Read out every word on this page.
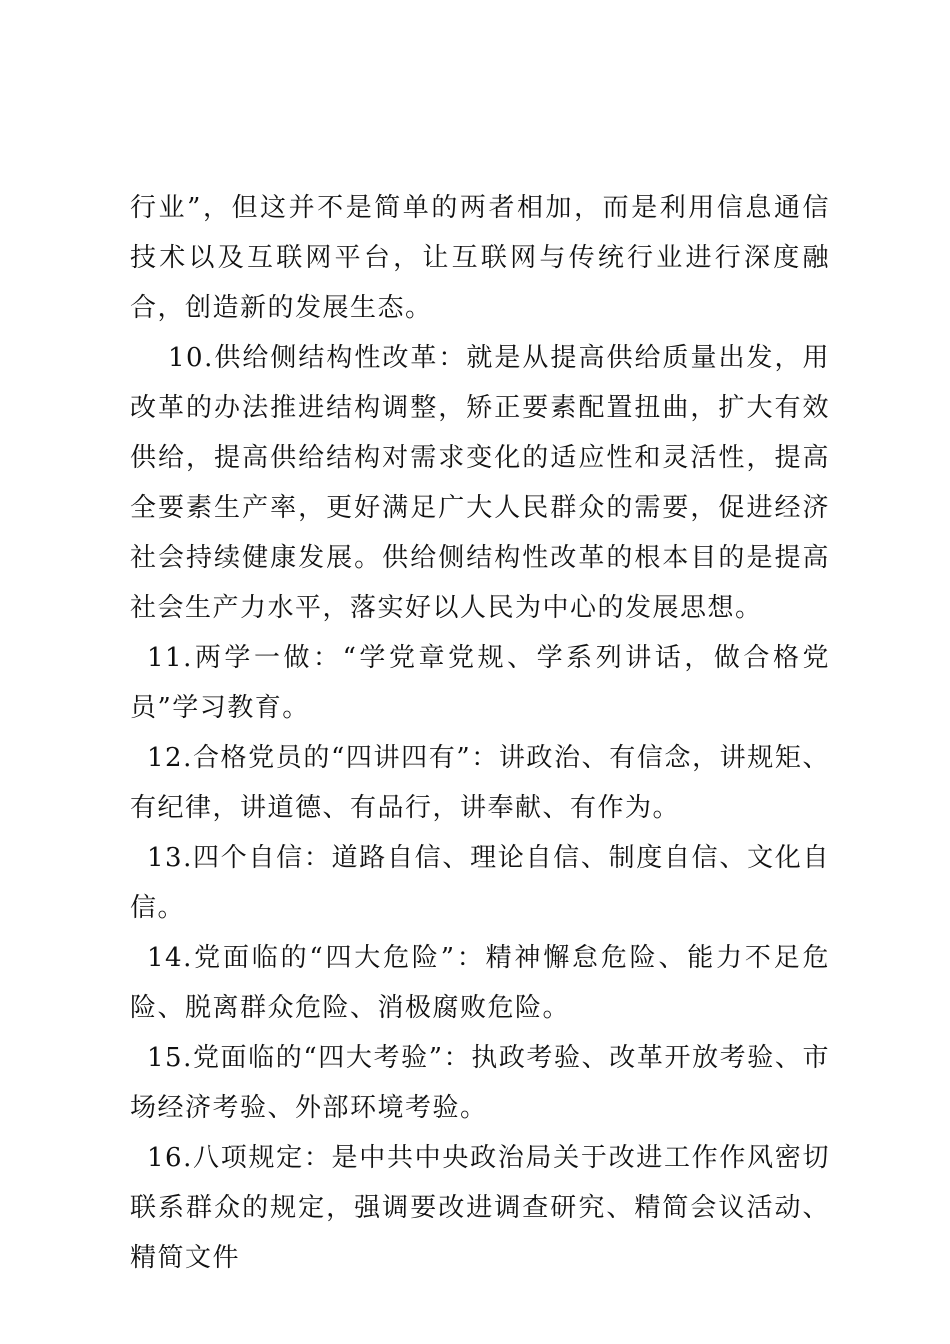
行业”，但这并不是简单的两者相加，而是利用信息通信技术以及互联网平台，让互联网与传统行业进行深度融合，创造新的发展生态。

10.供给侧结构性改革：就是从提高供给质量出发，用改革的办法推进结构调整，矫正要素配置扭曲，扩大有效供给，提高供给结构对需求变化的适应性和灵活性，提高全要素生产率，更好满足广大人民群众的需要，促进经济社会持续健康发展。供给侧结构性改革的根本目的是提高社会生产力水平，落实好以人民为中心的发展思想。

11.两学一做：“学党章党规、学系列讲话，做合格党员”学习教育。

12.合格党员的“四讲四有”：讲政治、有信念，讲规矩、有纪律，讲道德、有品行，讲奉献、有作为。

13.四个自信：道路自信、理论自信、制度自信、文化自信。

14.党面临的“四大危险”：精神懈怠危险、能力不足危险、脱离群众危险、消极腐败危险。

15.党面临的“四大考验”：执政考验、改革开放考验、市场经济考验、外部环境考验。

16.八项规定：是中共中央政治局关于改进工作作风密切联系群众的规定，强调要改进调查研究、精简会议活动、精简文件
